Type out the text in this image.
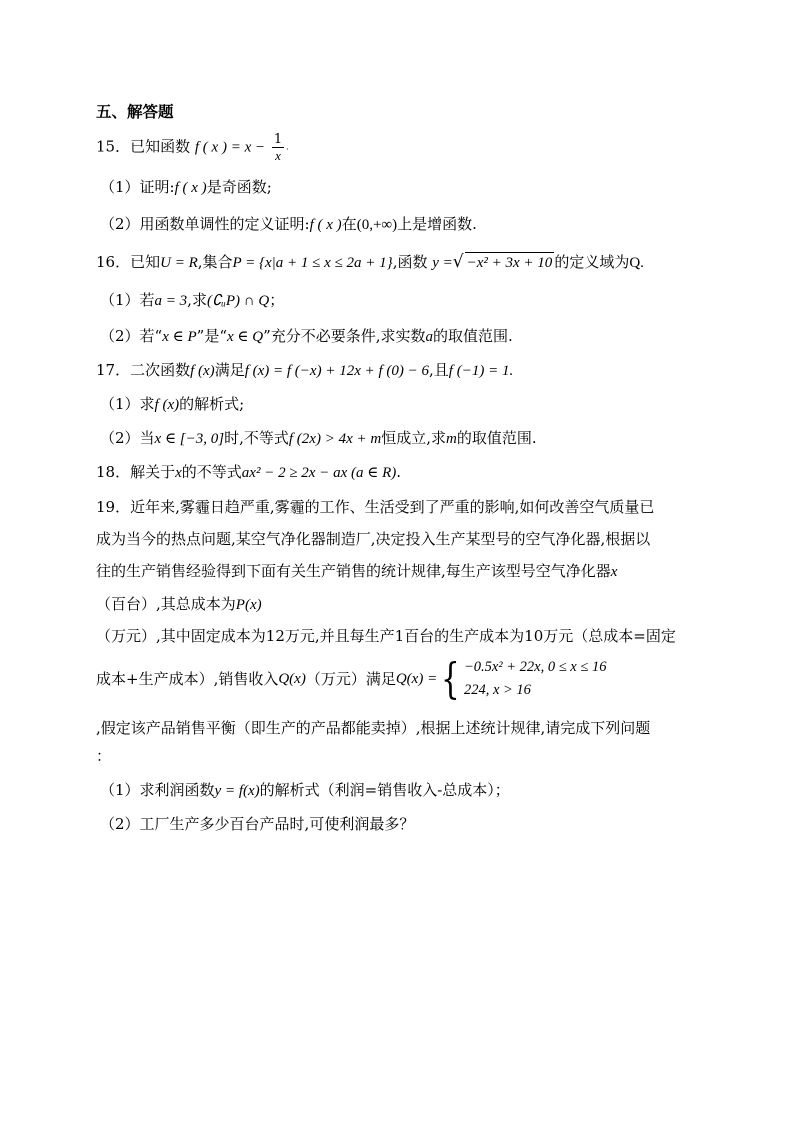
五、解答题
15．已知函数 f ( x ) = $x - \frac{1}{x}$ .
（1）证明:f ( x )是奇函数;
（2）用函数单调性的定义证明:f ( x )在(0,+∞)上是增函数.
16．已知U = R,集合P = {x|a + 1 ≤ x ≤ 2a + 1},函数 y =√ −x² + 3x + 10 的定义域为Q.
（1）若a = 3,求(∁ᵤP) ∩ Q；
（2）若“x ∈ P”是“x ∈ Q”充分不必要条件,求实数a的取值范围.
17．二次函数f (x)满足f (x) = f (−x) + 12x + f (0) − 6,且f (−1) = 1.
（1）求f (x)的解析式;
（2）当x ∈ [−3, 0]时,不等式f (2x) > 4x + m恒成立,求m的取值范围.
18．解关于x的不等式ax² − 2 ≥ 2x − ax (a ∈ R).
19．近年来,雾霾日趋严重,雾霾的工作、生活受到了严重的影响,如何改善空气质量已
成为当今的热点问题,某空气净化器制造厂,决定投入生产某型号的空气净化器,根据以
往的生产销售经验得到下面有关生产销售的统计规律,每生产该型号空气净化器x
（百台）,其总成本为P(x)
（万元）,其中固定成本为12万元,并且每生产1百台的生产成本为10万元（总成本=固定
成本+生产成本）,销售收入Q(x)（万元）满足Q(x) ={ −0.5x² + 22x, 0 ≤ x ≤ 16
224, x > 16
,假定该产品销售平衡（即生产的产品都能卖掉）,根据上述统计规律,请完成下列问题
：
（1）求利润函数y = f(x)的解析式（利润=销售收入-总成本）；
（2）工厂生产多少百台产品时,可使利润最多？
